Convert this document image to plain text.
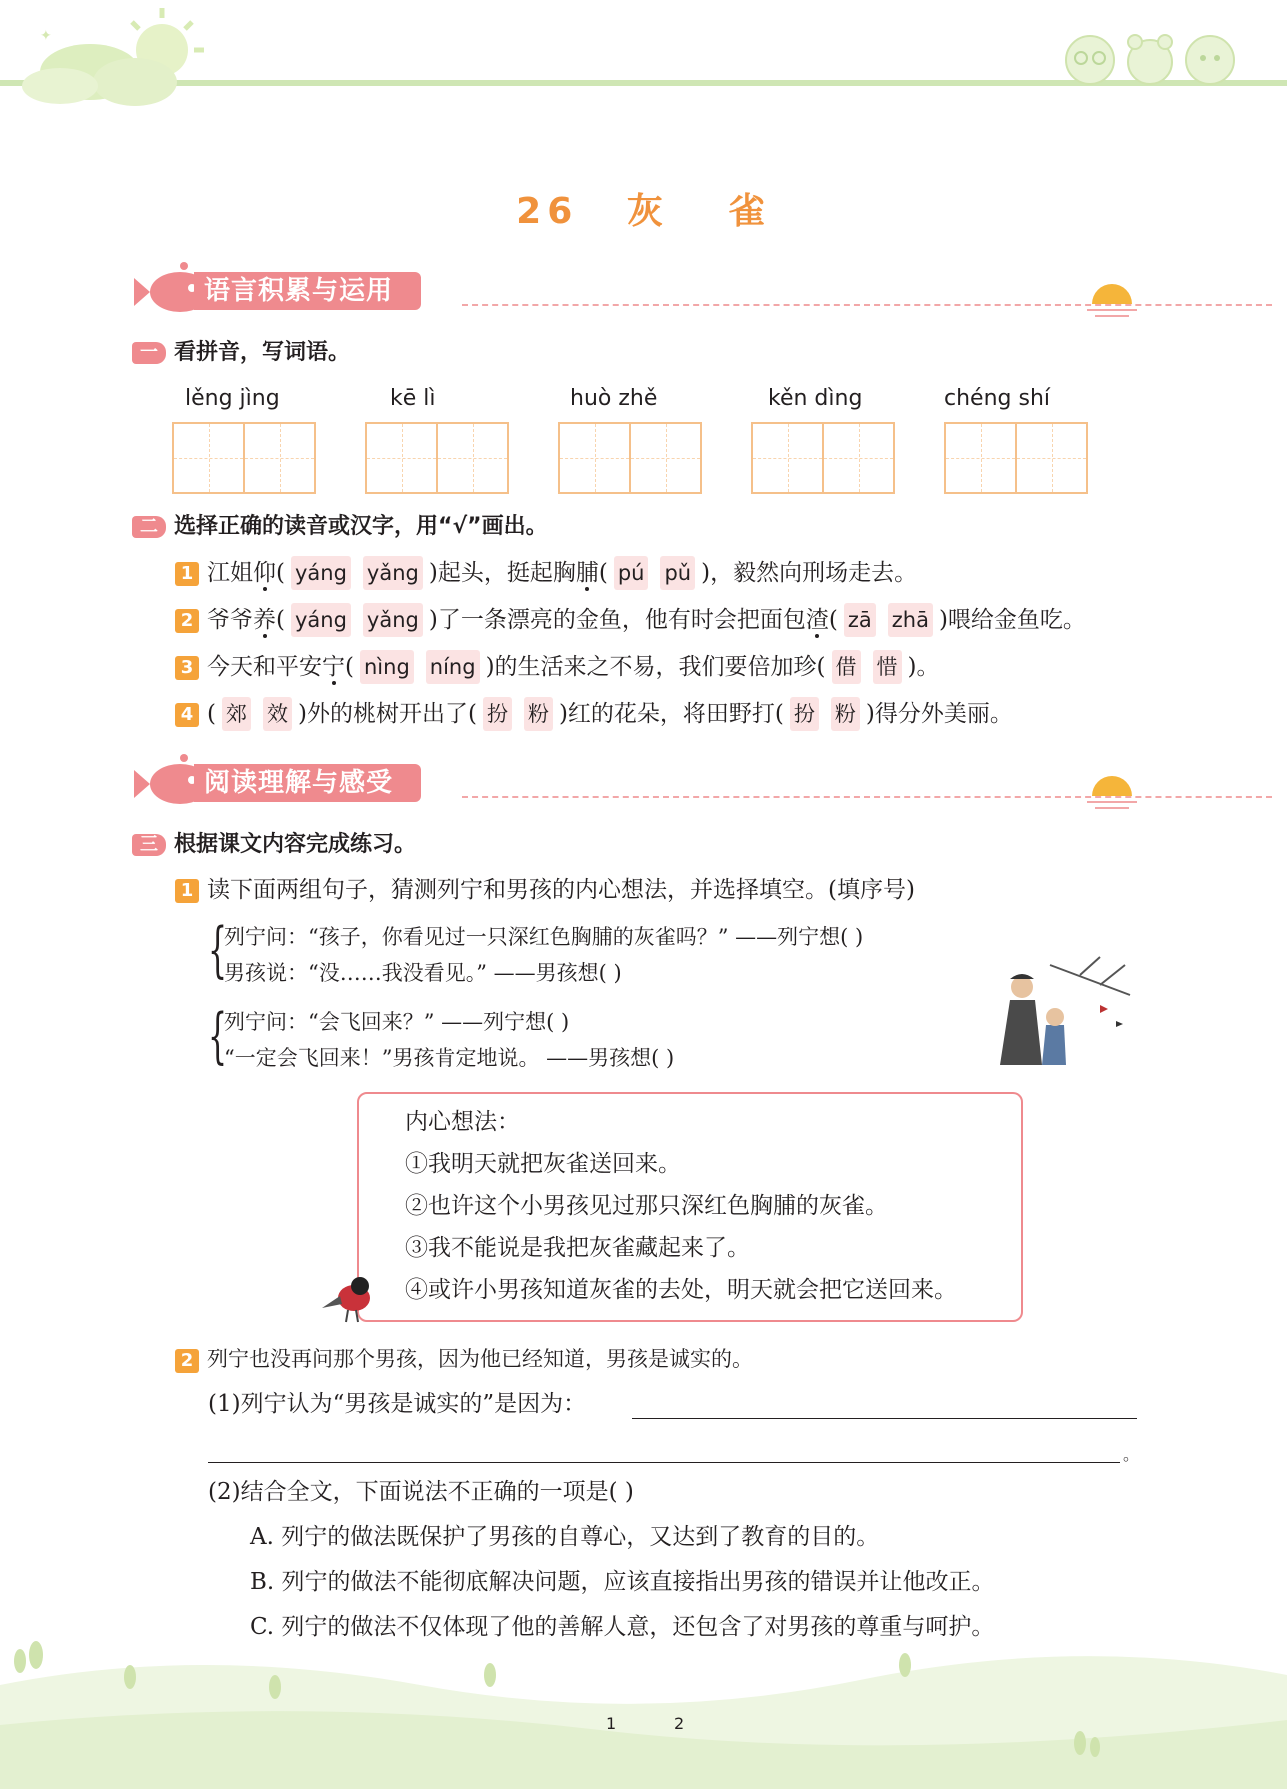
✦
26 灰 雀
语言积累与运用
一 看拼音，写词语。
lěng jìng	kē lì	huò zhě	kěn dìng	chéng shí
二 选择正确的读音或汉字，用“√”画出。
1 江姐仰( yáng yǎng )起头，挺起胸脯( pú pǔ )，毅然向刑场走去。
2 爷爷养( yáng yǎng )了一条漂亮的金鱼，他有时会把面包渣( zā zhā )喂给金鱼吃。
3 今天和平安宁( nìng níng )的生活来之不易，我们要倍加珍( 借 惜 )。
4 ( 郊 效 )外的桃树开出了( 扮 粉 )红的花朵，将田野打( 扮 粉 )得分外美丽。
阅读理解与感受
三 根据课文内容完成练习。
1 读下面两组句子，猜测列宁和男孩的内心想法，并选择填空。(填序号)
{
列宁问：“孩子，你看见过一只深红色胸脯的灰雀吗？” ——列宁想( )
男孩说：“没……我没看见。” ——男孩想( )
{
列宁问：“会飞回来？” ——列宁想( )
“一定会飞回来！”男孩肯定地说。 ——男孩想( )
内心想法：
①我明天就把灰雀送回来。
②也许这个小男孩见过那只深红色胸脯的灰雀。
③我不能说是我把灰雀藏起来了。
④或许小男孩知道灰雀的去处，明天就会把它送回来。
2 列宁也没再问那个男孩，因为他已经知道，男孩是诚实的。
(1)列宁认为“男孩是诚实的”是因为：
。
(2)结合全文，下面说法不正确的一项是( )
A. 列宁的做法既保护了男孩的自尊心，又达到了教育的目的。
B. 列宁的做法不能彻底解决问题，应该直接指出男孩的错误并让他改正。
C. 列宁的做法不仅体现了他的善解人意，还包含了对男孩的尊重与呵护。
1	2
